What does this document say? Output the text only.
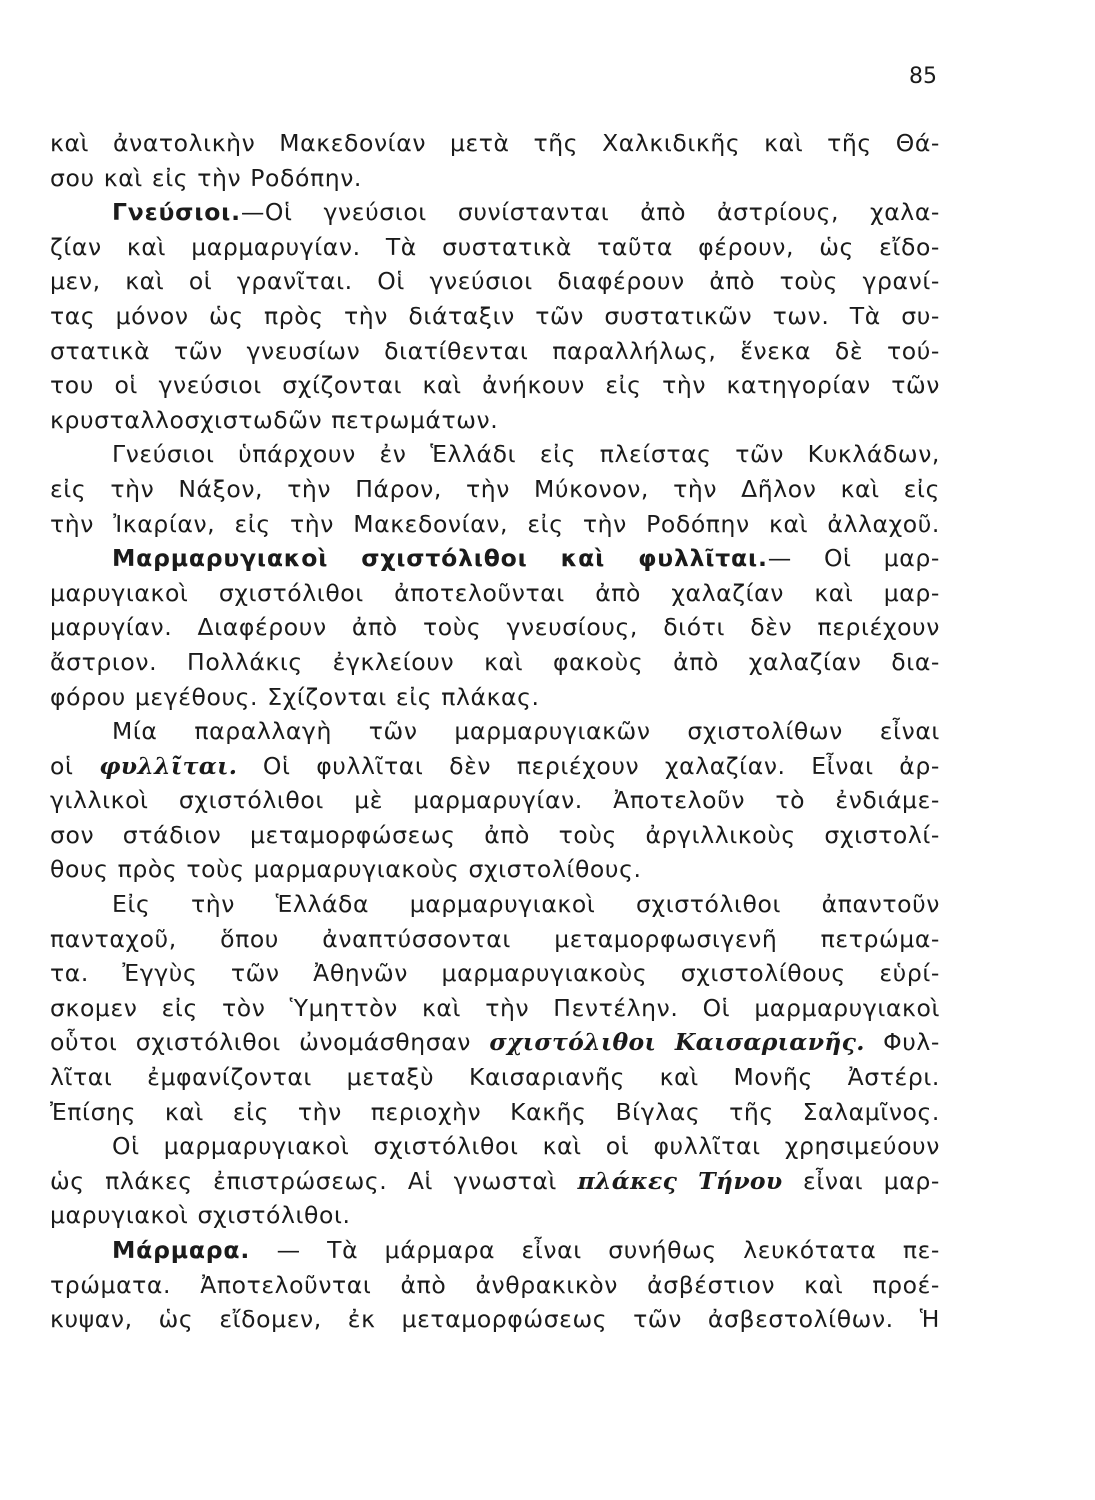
85
καὶ ἀνατολικὴν Μακεδονίαν μετὰ τῆς Χαλκιδικῆς καὶ τῆς Θά-
σου καὶ εἰς τὴν Ροδόπην.
Γνεύσιοι.—Οἱ γνεύσιοι συνίστανται ἀπὸ ἀστρίους, χαλα-
ζίαν καὶ μαρμαρυγίαν. Τὰ συστατικὰ ταῦτα φέρουν, ὡς εἴδο-
μεν, καὶ οἱ γρανῖται. Οἱ γνεύσιοι διαφέρουν ἀπὸ τοὺς γρανί-
τας μόνον ὡς πρὸς τὴν διάταξιν τῶν συστατικῶν των. Τὰ συ-
στατικὰ τῶν γνευσίων διατίθενται παραλλήλως, ἕνεκα δὲ τού-
του οἱ γνεύσιοι σχίζονται καὶ ἀνήκουν εἰς τὴν κατηγορίαν τῶν
κρυσταλλοσχιστωδῶν πετρωμάτων.
Γνεύσιοι ὑπάρχουν ἐν Ἑλλάδι εἰς πλείστας τῶν Κυκλάδων,
εἰς τὴν Νάξον, τὴν Πάρον, τὴν Μύκονον, τὴν Δῆλον καὶ εἰς
τὴν Ἰκαρίαν, εἰς τὴν Μακεδονίαν, εἰς τὴν Ροδόπην καὶ ἀλλαχοῦ.
Μαρμαρυγιακοὶ σχιστόλιθοι καὶ φυλλῖται.— Οἱ μαρ-
μαρυγιακοὶ σχιστόλιθοι ἀποτελοῦνται ἀπὸ χαλαζίαν καὶ μαρ-
μαρυγίαν. Διαφέρουν ἀπὸ τοὺς γνευσίους, διότι δὲν περιέχουν
ἄστριον. Πολλάκις ἐγκλείουν καὶ φακοὺς ἀπὸ χαλαζίαν δια-
φόρου μεγέθους. Σχίζονται εἰς πλάκας.
Μία παραλλαγὴ τῶν μαρμαρυγιακῶν σχιστολίθων εἶναι
οἱ φυλλῖται. Οἱ φυλλῖται δὲν περιέχουν χαλαζίαν. Εἶναι ἀρ-
γιλλικοὶ σχιστόλιθοι μὲ μαρμαρυγίαν. Ἀποτελοῦν τὸ ἐνδιάμε-
σον στάδιον μεταμορφώσεως ἀπὸ τοὺς ἀργιλλικοὺς σχιστολί-
θους πρὸς τοὺς μαρμαρυγιακοὺς σχιστολίθους.
Εἰς τὴν Ἑλλάδα μαρμαρυγιακοὶ σχιστόλιθοι ἀπαντοῦν
πανταχοῦ, ὅπου ἀναπτύσσονται μεταμορφωσιγενῆ πετρώμα-
τα. Ἐγγὺς τῶν Ἀθηνῶν μαρμαρυγιακοὺς σχιστολίθους εὑρί-
σκομεν εἰς τὸν Ὑμηττὸν καὶ τὴν Πεντέλην. Οἱ μαρμαρυγιακοὶ
οὗτοι σχιστόλιθοι ὠνομάσθησαν σχιστόλιθοι Καισαριανῆς. Φυλ-
λῖται ἐμφανίζονται μεταξὺ Καισαριανῆς καὶ Μονῆς Ἀστέρι.
Ἐπίσης καὶ εἰς τὴν περιοχὴν Κακῆς Βίγλας τῆς Σαλαμῖνος.
Οἱ μαρμαρυγιακοὶ σχιστόλιθοι καὶ οἱ φυλλῖται χρησιμεύουν
ὡς πλάκες ἐπιστρώσεως. Αἱ γνωσταὶ πλάκες Τήνου εἶναι μαρ-
μαρυγιακοὶ σχιστόλιθοι.
Μάρμαρα. — Τὰ μάρμαρα εἶναι συνήθως λευκότατα πε-
τρώματα. Ἀποτελοῦνται ἀπὸ ἀνθρακικὸν ἀσβέστιον καὶ προέ-
κυψαν, ὡς εἴδομεν, ἐκ μεταμορφώσεως τῶν ἀσβεστολίθων. Ἡ
